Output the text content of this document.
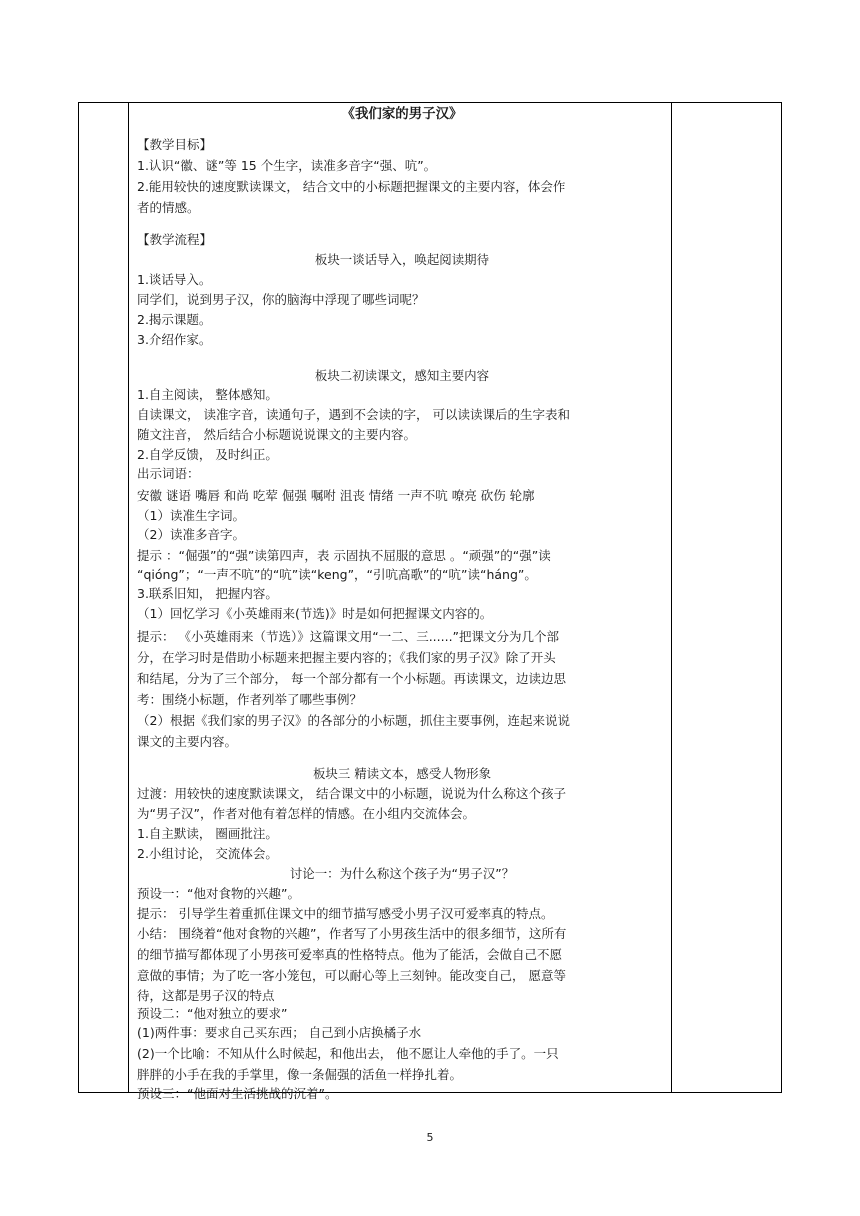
《我们家的男子汉》
【教学目标】
1.认识“徽、谜”等 15 个生字，读准多音字“强、吭”。
2.能用较快的速度默读课文， 结合文中的小标题把握课文的主要内容，体会作
者的情感。
【教学流程】
板块一谈话导入，唤起阅读期待
1.谈话导入。
同学们，说到男子汉，你的脑海中浮现了哪些词呢？
2.揭示课题。
3.介绍作家。
板块二初读课文，感知主要内容
1.自主阅读， 整体感知。
自读课文， 读准字音，读通句子，遇到不会读的字， 可以读读课后的生字表和
随文注音， 然后结合小标题说说课文的主要内容。
2.自学反馈， 及时纠正。
出示词语：
安徽 谜语 嘴唇 和尚 吃荤 倔强 嘱咐 沮丧 情绪 一声不吭 嘹亮 砍伤 轮廓
（1）读准生字词。
（2）读准多音字。
提示 ：“倔强”的“强”读第四声，表 示固执不屈服的意思 。“顽强”的“强”读
“qióng”；“一声不吭”的“吭”读“keng”，“引吭高歌”的“吭”读“háng”。
3.联系旧知， 把握内容。
（1）回忆学习《小英雄雨来(节选)》时是如何把握课文内容的。
提示： 《小英雄雨来（节选）》这篇课文用“一二、三......”把课文分为几个部
分，在学习时是借助小标题来把握主要内容的；《我们家的男子汉》除了开头
和结尾，分为了三个部分， 每一个部分都有一个小标题。再读课文，边读边思
考：围绕小标题，作者列举了哪些事例？
（2）根据《我们家的男子汉》的各部分的小标题，抓住主要事例，连起来说说
课文的主要内容。
板块三 精读文本，感受人物形象
过渡：用较快的速度默读课文， 结合课文中的小标题，说说为什么称这个孩子
为“男子汉”，作者对他有着怎样的情感。在小组内交流体会。
1.自主默读， 圈画批注。
2.小组讨论， 交流体会。
讨论一：为什么称这个孩子为“男子汉”？
预设一：“他对食物的兴趣”。
提示： 引导学生着重抓住课文中的细节描写感受小男子汉可爱率真的特点。
小结： 围绕着“他对食物的兴趣”，作者写了小男孩生活中的很多细节，这所有
的细节描写都体现了小男孩可爱率真的性格特点。他为了能活，会做自己不愿
意做的事情；为了吃一客小笼包，可以耐心等上三刻钟。能改变自己， 愿意等
待，这都是男子汉的特点
预设二：“他对独立的要求”
(1)两件事：要求自己买东西； 自己到小店换橘子水
(2)一个比喻：不知从什么时候起，和他出去， 他不愿让人牵他的手了。一只
胖胖的小手在我的手掌里，像一条倔强的活鱼一样挣扎着。
预设三：“他面对生活挑战的沉着”。
5
